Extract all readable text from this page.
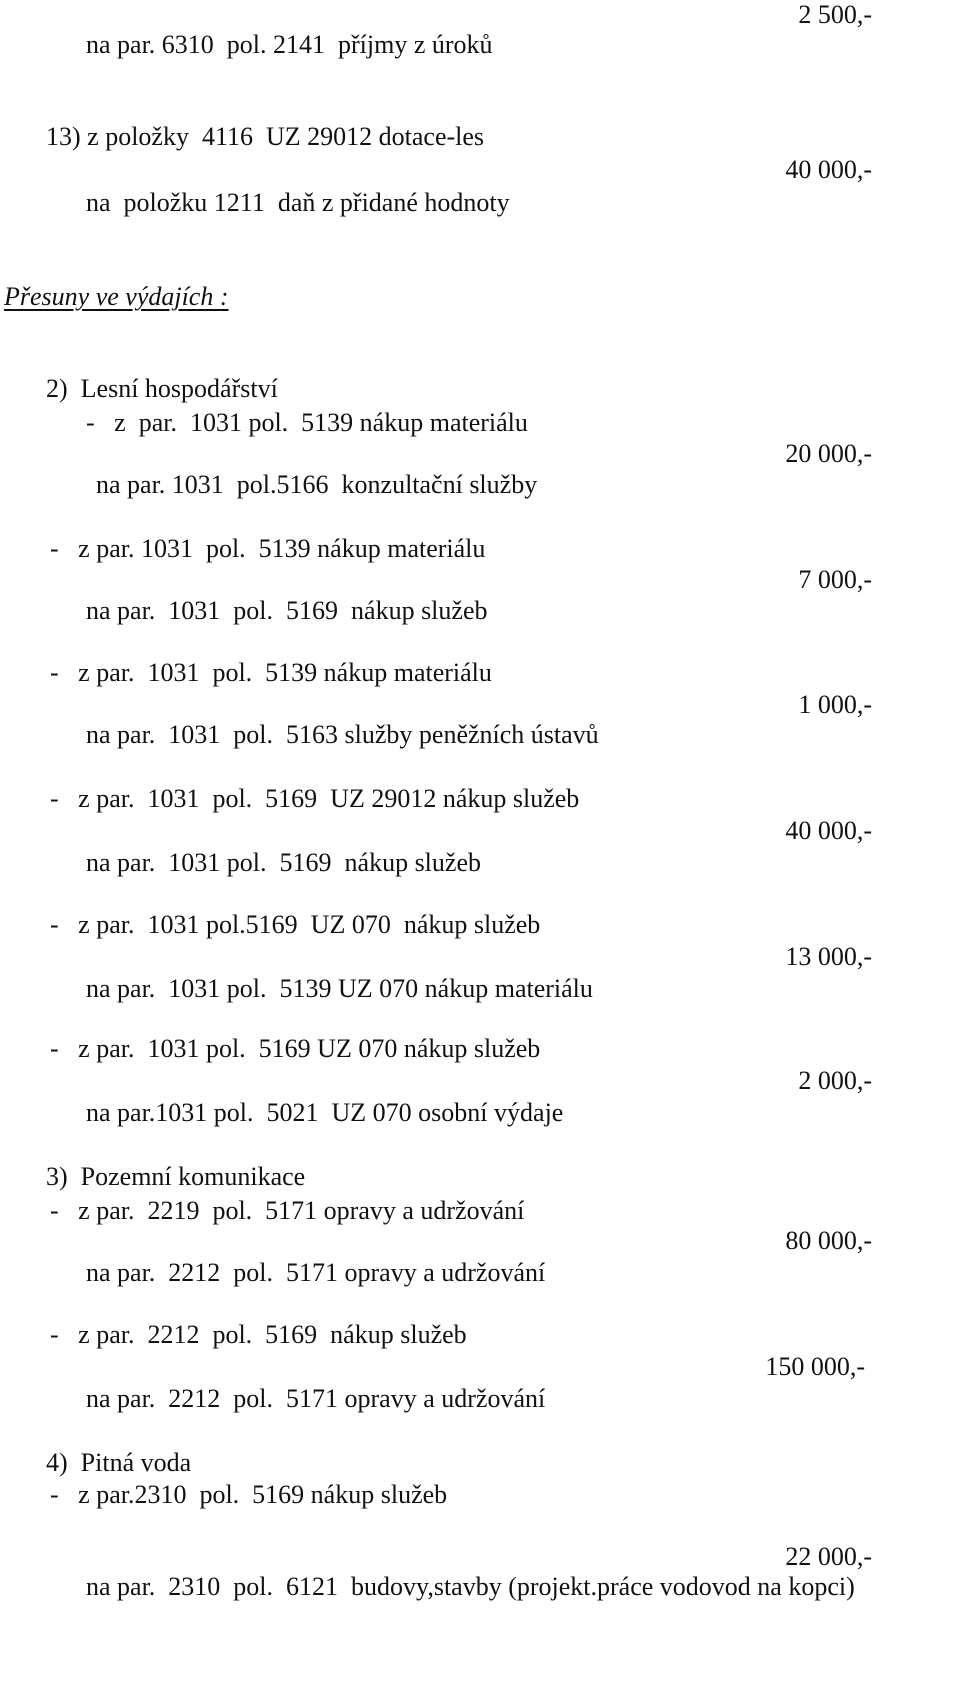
2 500,-
na par. 6310  pol. 2141  příjmy z úroků
13) z položky  4116  UZ 29012 dotace-les
40 000,-
na  položku 1211  daň z přidané hodnoty
Přesuny ve výdajích :
2)  Lesní hospodářství
-   z  par.  1031 pol.  5139 nákup materiálu
20 000,-
na par. 1031  pol.5166  konzultační služby
-   z par. 1031  pol.  5139 nákup materiálu
7 000,-
na par.  1031  pol.  5169  nákup služeb
-   z par.  1031  pol.  5139 nákup materiálu
1 000,-
na par.  1031  pol.  5163 služby peněžních ústavů
-   z par.  1031  pol.  5169  UZ 29012 nákup služeb
40 000,-
na par.  1031 pol.  5169  nákup služeb
-   z par.  1031 pol.5169  UZ 070  nákup služeb
13 000,-
na par.  1031 pol.  5139 UZ 070 nákup materiálu
-   z par.  1031 pol.  5169 UZ 070 nákup služeb
2 000,-
na par.1031 pol.  5021  UZ 070 osobní výdaje
3)  Pozemní komunikace
-   z par.  2219  pol.  5171 opravy a udržování
80 000,-
na par.  2212  pol.  5171 opravy a udržování
-   z par.  2212  pol.  5169  nákup služeb
150 000,-
na par.  2212  pol.  5171 opravy a udržování
4)  Pitná voda
-   z par.2310  pol.  5169 nákup služeb
22 000,-
na par.  2310  pol.  6121  budovy,stavby (projekt.práce vodovod na kopci)
